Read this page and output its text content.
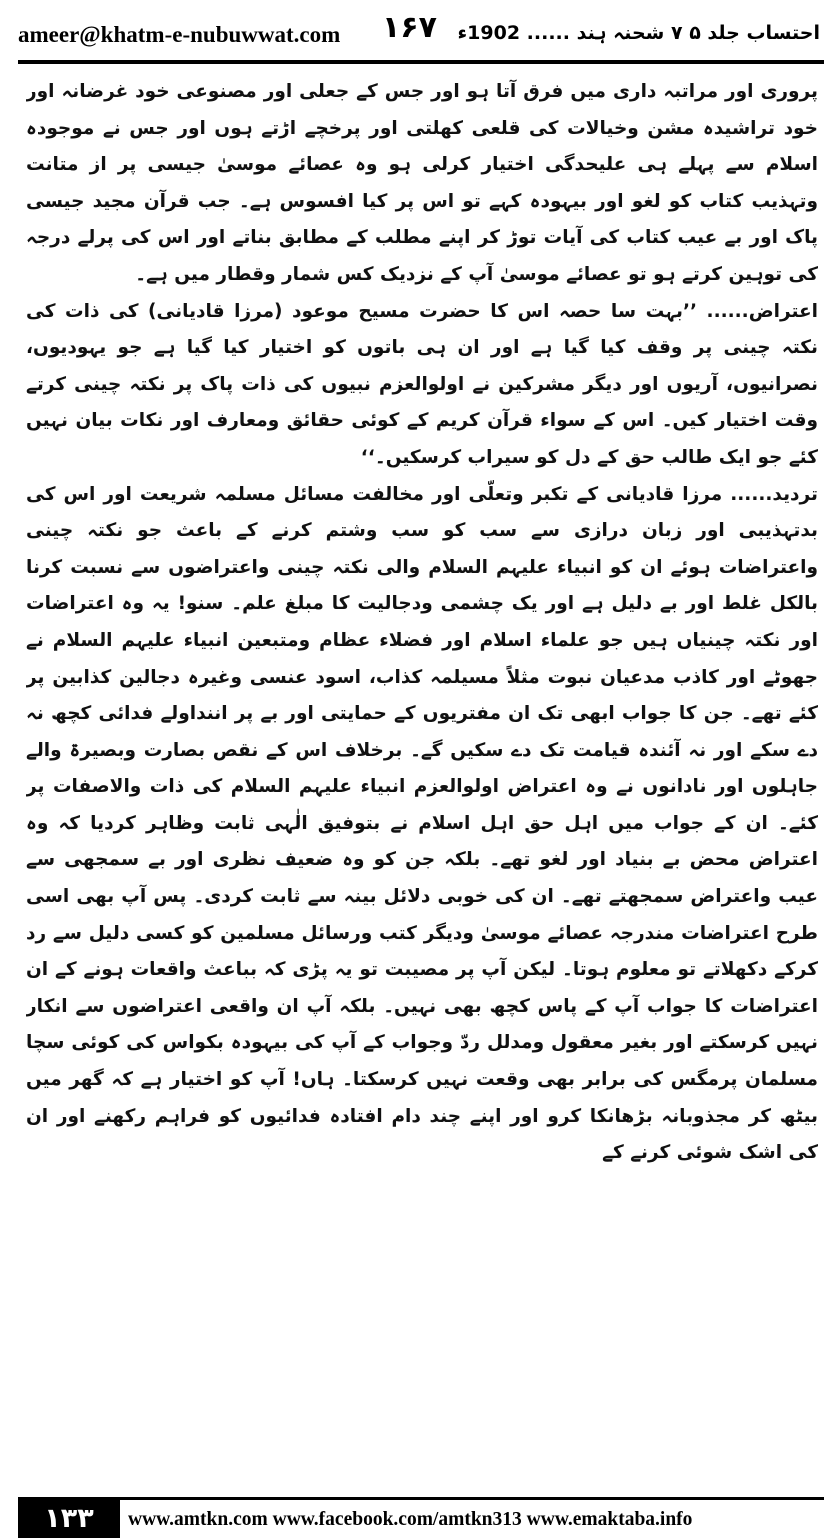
ameer@khatm-e-nubuwwat.com ۱۶۷ احتساب جلد ۵ ۷ شحنہ ہند ...... 1902ء

پروری اور مراتبہ داری میں فرق آتا ہو اور جس کے جعلی اور مصنوعی خود غرضانہ اور خود تراشیدہ مشن وخیالات کی قلعی کھلتی اور پرخچے اڑتے ہوں اور جس نے موجودہ اسلام سے پہلے ہی علیحدگی اختیار کرلی ہو وہ عصائے موسیٰ جیسی پر از متانت وتہذیب کتاب کو لغو اور بیہودہ کہے تو اس پر کیا افسوس ہے۔ جب قرآن مجید جیسی پاک اور بے عیب کتاب کی آیات توڑ کر اپنے مطلب کے مطابق بناتے اور اس کی پرلے درجہ کی توہین کرتے ہو تو عصائے موسیٰ آپ کے نزدیک کس شمار وقطار میں ہے۔

اعتراض...... ’’بہت سا حصہ اس کا حضرت مسیح موعود (مرزا قادیانی) کی ذات کی نکتہ چینی پر وقف کیا گیا ہے اور ان ہی باتوں کو اختیار کیا گیا ہے جو یہودیوں، نصرانیوں، آریوں اور دیگر مشرکین نے اولوالعزم نبیوں کی ذات پاک پر نکتہ چینی کرتے وقت اختیار کیں۔ اس کے سواء قرآن کریم کے کوئی حقائق ومعارف اور نکات بیان نہیں کئے جو ایک طالب حق کے دل کو سیراب کرسکیں۔‘‘

تردید...... مرزا قادیانی کے تکبر وتعلّی اور مخالفت مسائل مسلمہ شریعت اور اس کی بدتہذیبی اور زبان درازی سے سب کو سب وشتم کرنے کے باعث جو نکتہ چینی واعتراضات ہوئے ان کو انبیاء علیہم السلام والی نکتہ چینی واعتراضوں سے نسبت کرنا بالکل غلط اور بے دلیل ہے اور یک چشمی ودجالیت کا مبلغ علم۔ سنو! یہ وہ اعتراضات اور نکتہ چینیاں ہیں جو علماء اسلام اور فضلاء عظام ومتبعین انبیاء علیہم السلام نے جھوٹے اور کاذب مدعیان نبوت مثلاً مسیلمہ کذاب، اسود عنسی وغیرہ دجالین کذابین پر کئے تھے۔ جن کا جواب ابھی تک ان مفتریوں کے حمایتی اور بے پر اننداولے فدائی کچھ نہ دے سکے اور نہ آئندہ قیامت تک دے سکیں گے۔ برخلاف اس کے نقص بصارت وبصیرۃ والے جاہلوں اور نادانوں نے وہ اعتراض اولوالعزم انبیاء علیہم السلام کی ذات والاصفات پر کئے۔ ان کے جواب میں اہل حق اہل اسلام نے بتوفیق الٰہی ثابت وظاہر کردیا کہ وہ اعتراض محض بے بنیاد اور لغو تھے۔ بلکہ جن کو وہ ضعیف نظری اور بے سمجھی سے عیب واعتراض سمجھتے تھے۔ ان کی خوبی دلائل بینہ سے ثابت کردی۔ پس آپ بھی اسی طرح اعتراضات مندرجہ عصائے موسیٰ ودیگر کتب ورسائل مسلمین کو کسی دلیل سے رد کرکے دکھلاتے تو معلوم ہوتا۔ لیکن آپ پر مصیبت تو یہ پڑی کہ بباعث واقعات ہونے کے ان اعتراضات کا جواب آپ کے پاس کچھ بھی نہیں۔ بلکہ آپ ان واقعی اعتراضوں سے انکار نہیں کرسکتے اور بغیر معقول ومدلل ردّ وجواب کے آپ کی بیہودہ بکواس کی کوئی سچا مسلمان پرمگس کی برابر بھی وقعت نہیں کرسکتا۔ ہاں! آپ کو اختیار ہے کہ گھر میں بیٹھ کر مجذوبانہ بڑھانکا کرو اور اپنے چند دام افتادہ فدائیوں کو فراہم رکھنے اور ان کی اشک شوئی کرنے کے

۱۳۳	www.amtkn.com www.facebook.com/amtkn313 www.emaktaba.info
